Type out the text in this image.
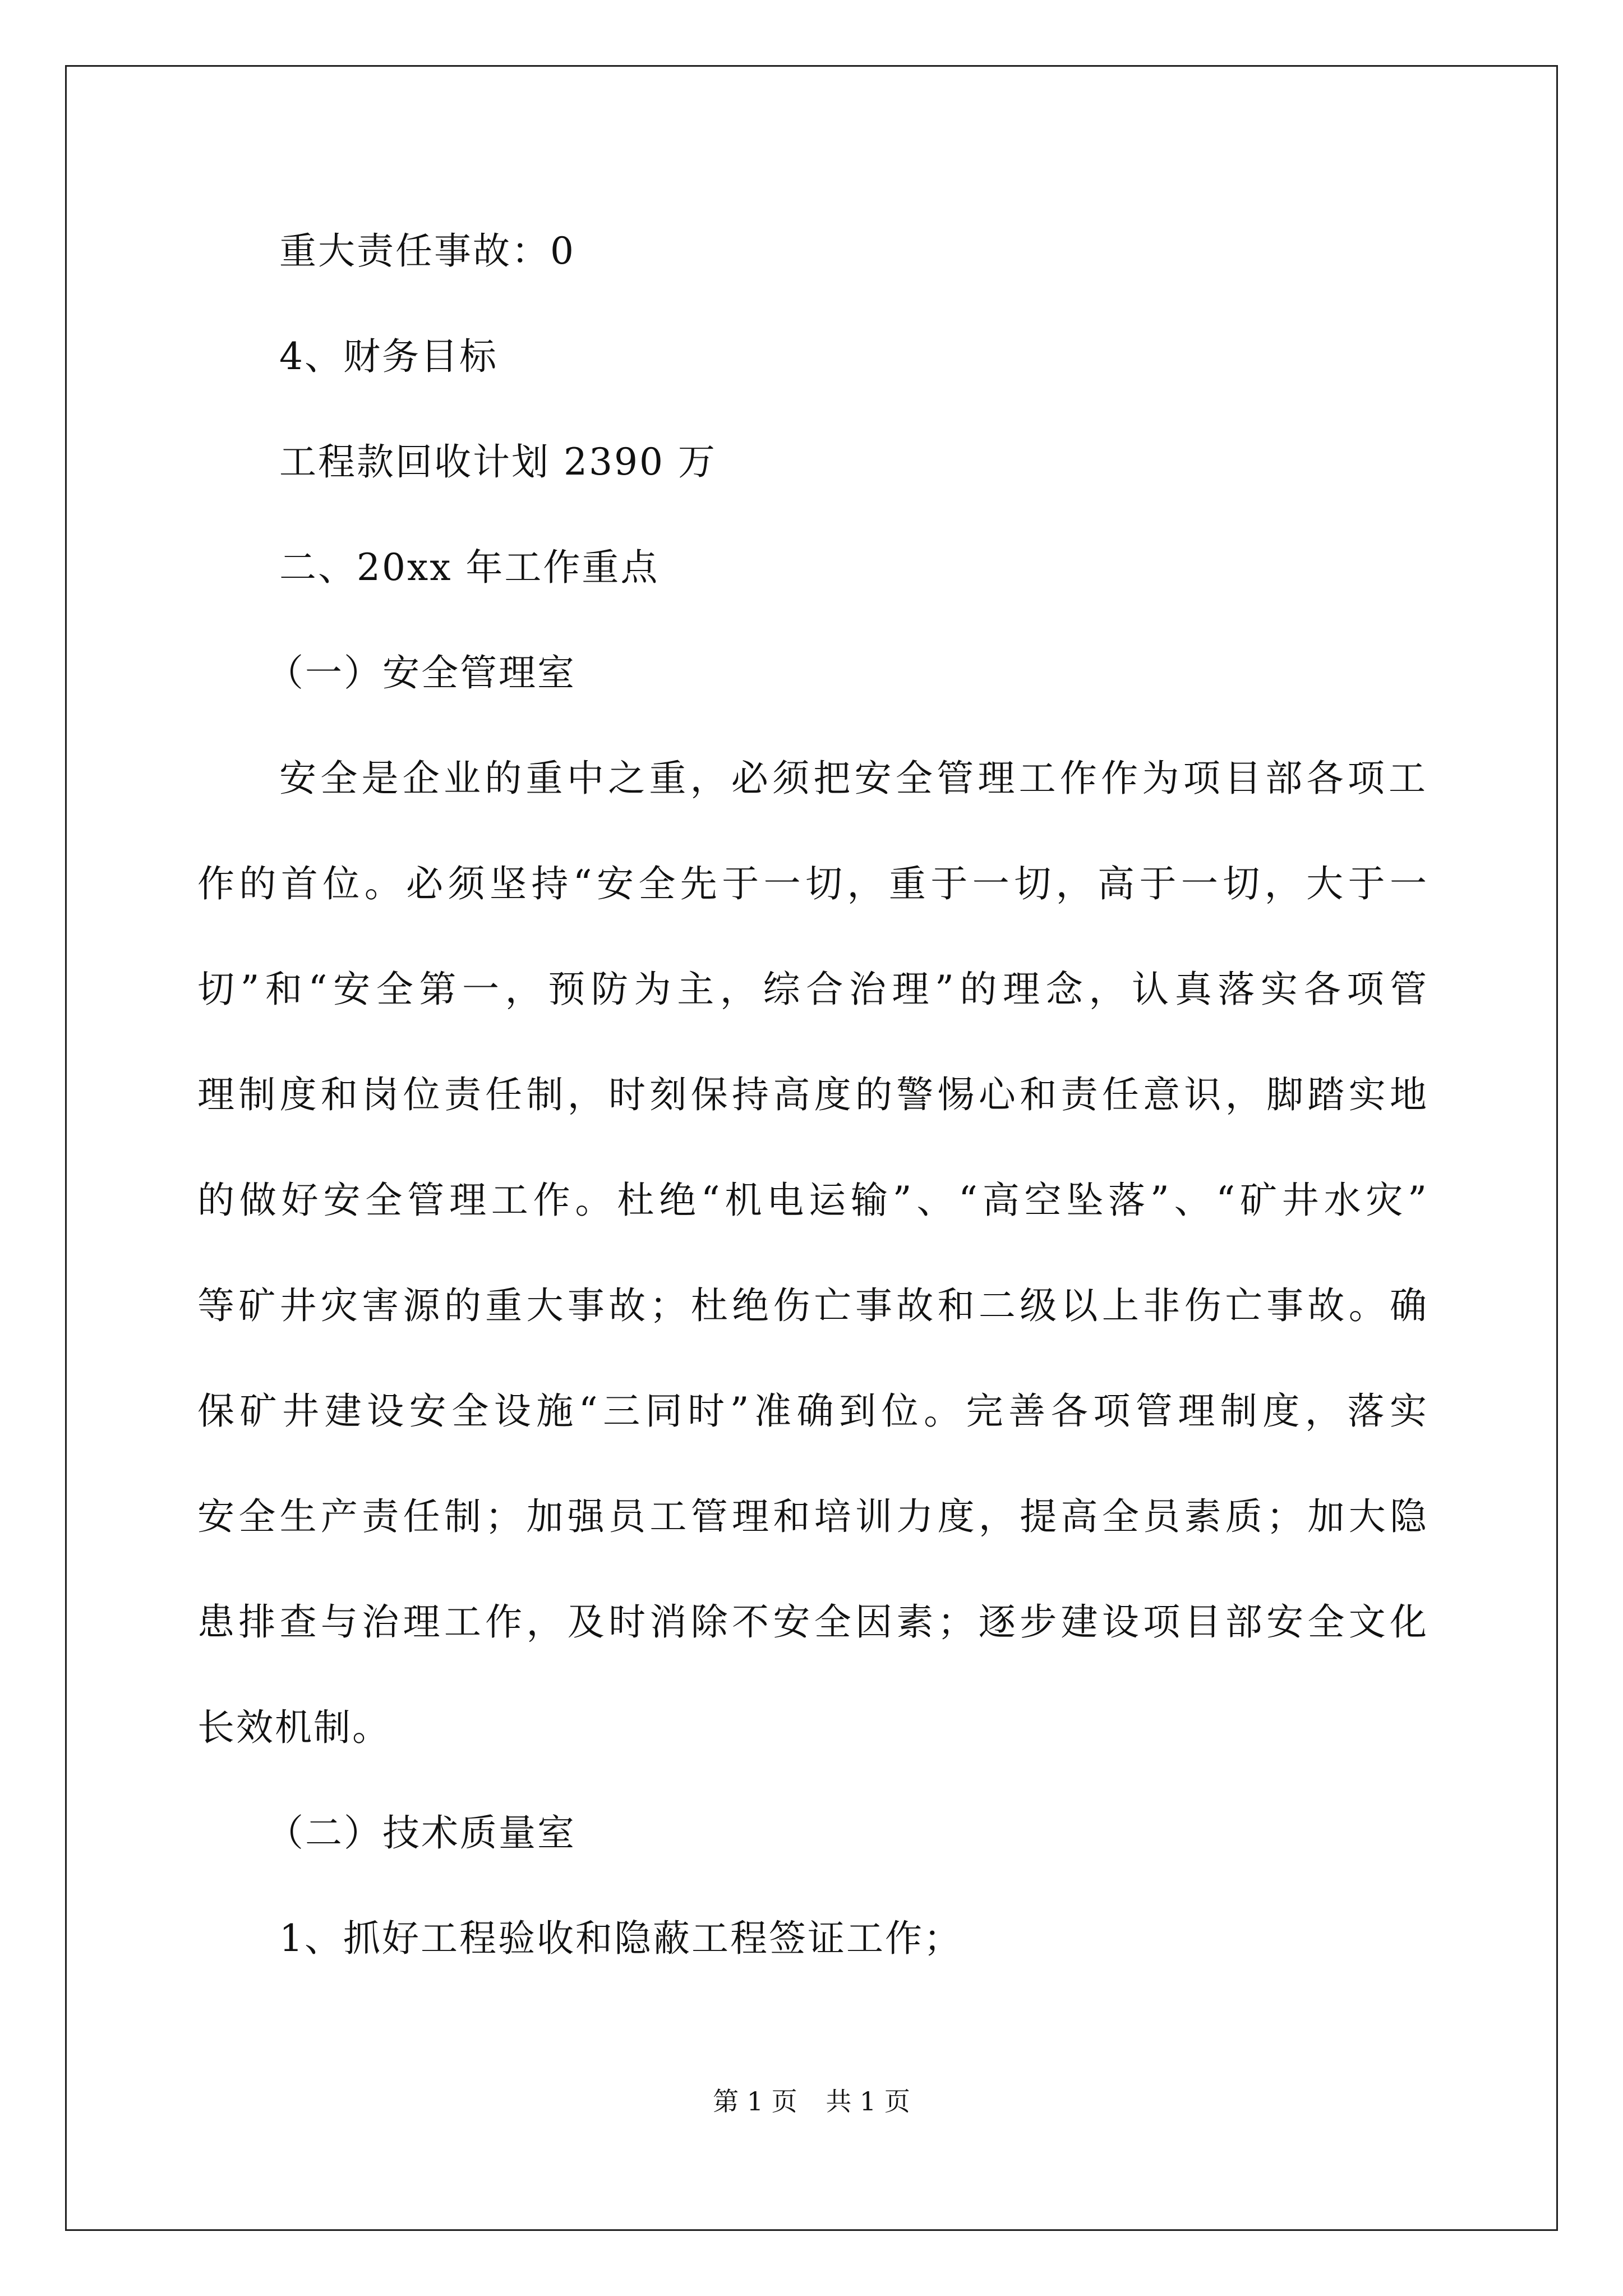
重大责任事故：0
4、财务目标
工程款回收计划 2390 万
二、20xx 年工作重点
（一）安全管理室
安全是企业的重中之重，必须把安全管理工作作为项目部各项工
作的首位。必须坚持“安全先于一切，重于一切，高于一切，大于一
切”和“安全第一，预防为主，综合治理”的理念，认真落实各项管
理制度和岗位责任制，时刻保持高度的警惕心和责任意识，脚踏实地
的做好安全管理工作。杜绝“机电运输”、“高空坠落”、“矿井水灾”
等矿井灾害源的重大事故；杜绝伤亡事故和二级以上非伤亡事故。确
保矿井建设安全设施“三同时”准确到位。完善各项管理制度，落实
安全生产责任制；加强员工管理和培训力度，提高全员素质；加大隐
患排查与治理工作，及时消除不安全因素；逐步建设项目部安全文化
长效机制。
（二）技术质量室
1、抓好工程验收和隐蔽工程签证工作；
第 1 页 共 1 页
